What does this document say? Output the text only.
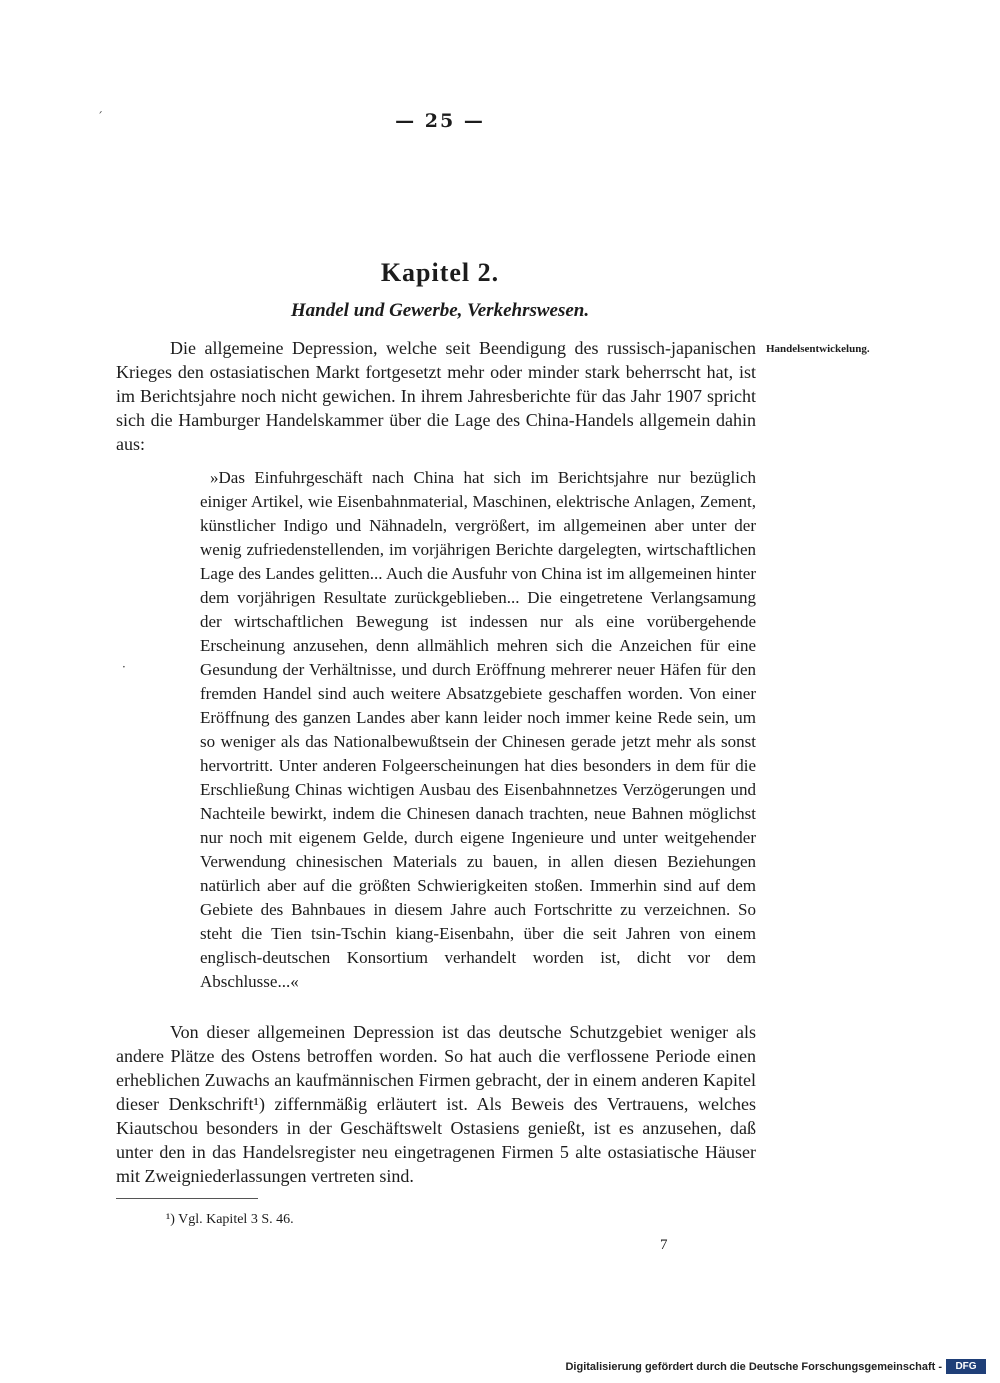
´
·
— 25 —
Kapitel 2.
Handel und Gewerbe, Verkehrswesen.
Handelsentwickelung.

Die allgemeine Depression, welche seit Beendigung des russisch-japanischen Krieges den ostasiatischen Markt fortgesetzt mehr oder minder stark beherrscht hat, ist im Berichtsjahre noch nicht gewichen. In ihrem Jahresberichte für das Jahr 1907 spricht sich die Hamburger Handelskammer über die Lage des China-Handels allgemein dahin aus:

»Das Einfuhrgeschäft nach China hat sich im Berichtsjahre nur bezüglich einiger Artikel, wie Eisenbahnmaterial, Maschinen, elektrische Anlagen, Zement, künstlicher Indigo und Nähnadeln, vergrößert, im allgemeinen aber unter der wenig zufriedenstellenden, im vorjährigen Berichte dargelegten, wirtschaftlichen Lage des Landes gelitten... Auch die Ausfuhr von China ist im allgemeinen hinter dem vorjährigen Resultate zurückgeblieben... Die eingetretene Verlangsamung der wirtschaftlichen Bewegung ist indessen nur als eine vorübergehende Erscheinung anzusehen, denn allmählich mehren sich die Anzeichen für eine Gesundung der Verhältnisse, und durch Eröffnung mehrerer neuer Häfen für den fremden Handel sind auch weitere Absatzgebiete geschaffen worden. Von einer Eröffnung des ganzen Landes aber kann leider noch immer keine Rede sein, um so weniger als das Nationalbewußtsein der Chinesen gerade jetzt mehr als sonst hervortritt. Unter anderen Folgeerscheinungen hat dies besonders in dem für die Erschließung Chinas wichtigen Ausbau des Eisenbahnnetzes Verzögerungen und Nachteile bewirkt, indem die Chinesen danach trachten, neue Bahnen möglichst nur noch mit eigenem Gelde, durch eigene Ingenieure und unter weitgehender Verwendung chinesischen Materials zu bauen, in allen diesen Beziehungen natürlich aber auf die größten Schwierigkeiten stoßen. Immerhin sind auf dem Gebiete des Bahnbaues in diesem Jahre auch Fortschritte zu verzeichnen. So steht die Tien tsin-Tschin kiang-Eisenbahn, über die seit Jahren von einem englisch-deutschen Konsortium verhandelt worden ist, dicht vor dem Abschlusse...«

Von dieser allgemeinen Depression ist das deutsche Schutzgebiet weniger als andere Plätze des Ostens betroffen worden. So hat auch die verflossene Periode einen erheblichen Zuwachs an kaufmännischen Firmen gebracht, der in einem anderen Kapitel dieser Denkschrift¹) ziffernmäßig erläutert ist. Als Beweis des Vertrauens, welches Kiautschou besonders in der Geschäftswelt Ostasiens genießt, ist es anzusehen, daß unter den in das Handelsregister neu eingetragenen Firmen 5 alte ostasiatische Häuser mit Zweigniederlassungen vertreten sind.

¹) Vgl. Kapitel 3 S. 46.
7
Digitalisierung gefördert durch die Deutsche Forschungsgemeinschaft -	DFG
